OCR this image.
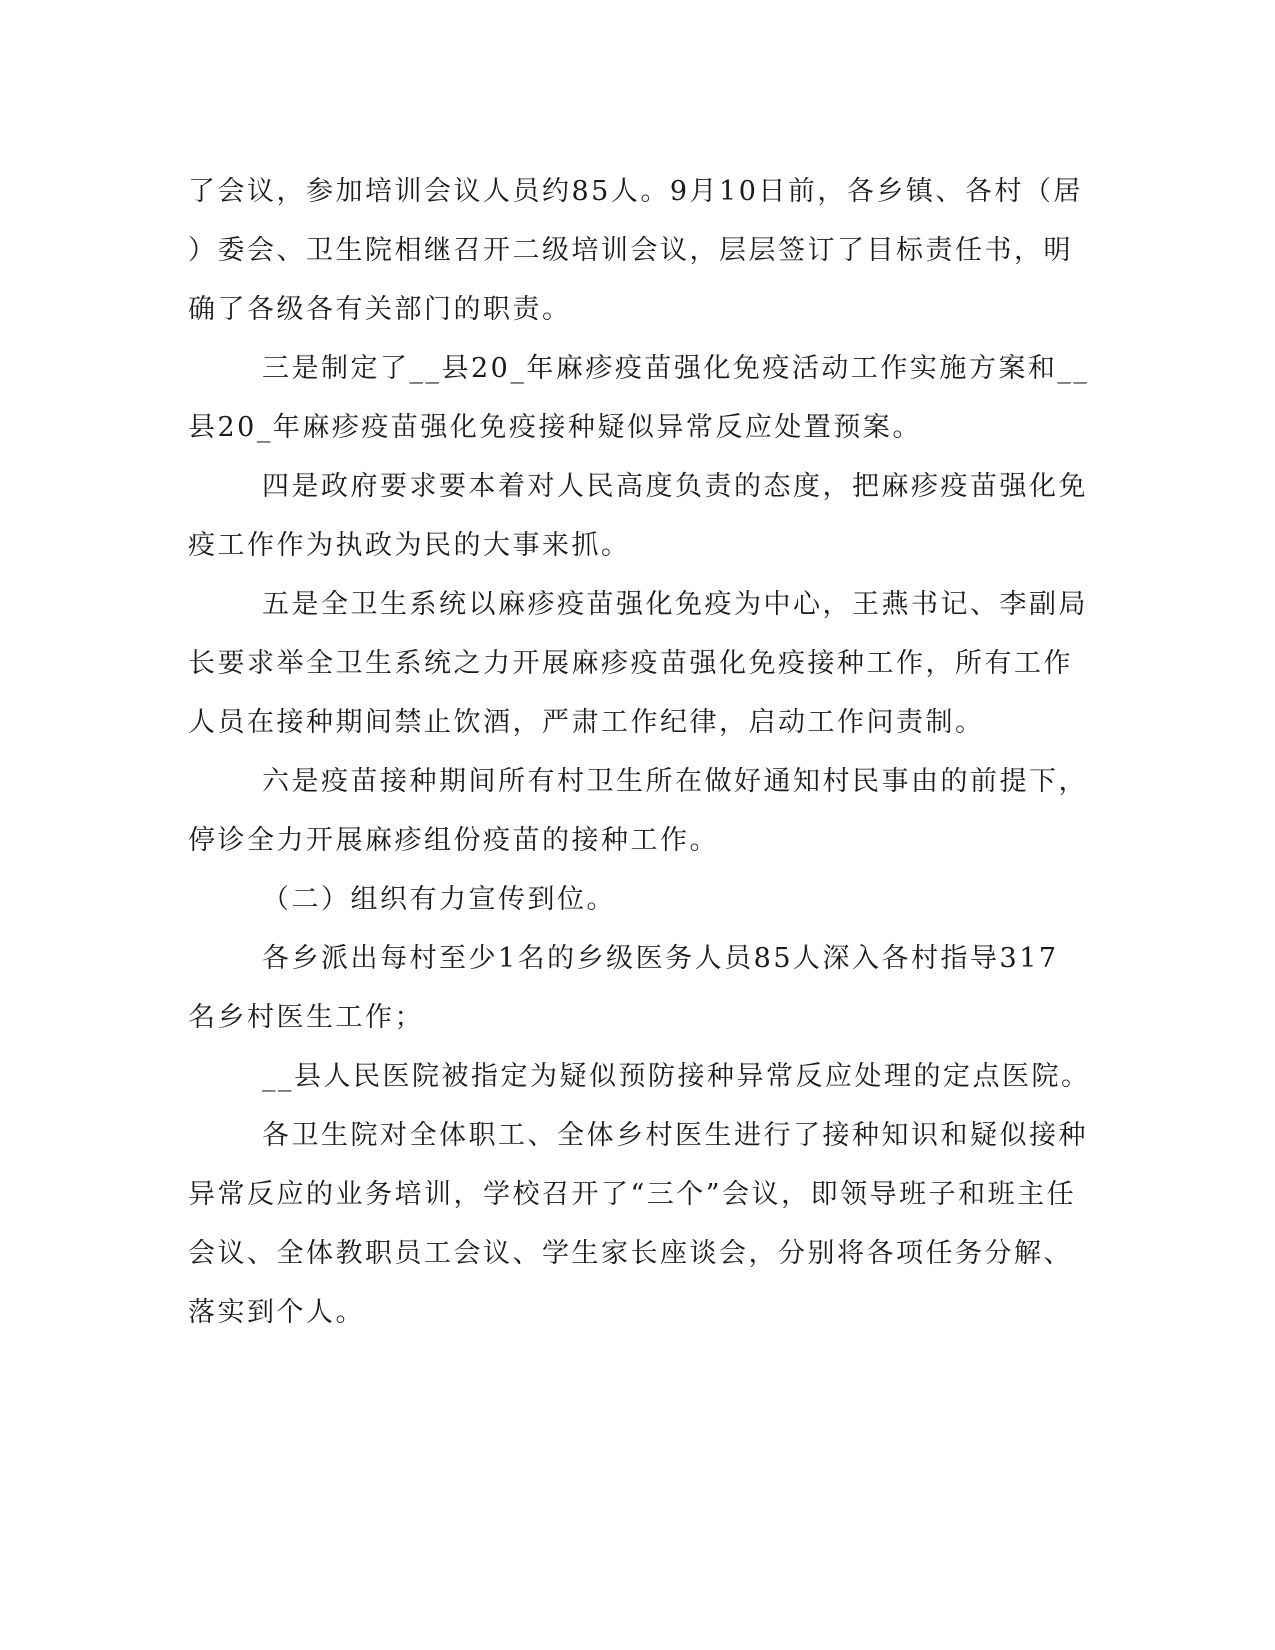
了会议，参加培训会议人员约85人。9月10日前，各乡镇、各村（居
）委会、卫生院相继召开二级培训会议，层层签订了目标责任书，明
确了各级各有关部门的职责。
三是制定了__县20_年麻疹疫苗强化免疫活动工作实施方案和__
县20_年麻疹疫苗强化免疫接种疑似异常反应处置预案。
四是政府要求要本着对人民高度负责的态度，把麻疹疫苗强化免
疫工作作为执政为民的大事来抓。
五是全卫生系统以麻疹疫苗强化免疫为中心，王燕书记、李副局
长要求举全卫生系统之力开展麻疹疫苗强化免疫接种工作，所有工作
人员在接种期间禁止饮酒，严肃工作纪律，启动工作问责制。
六是疫苗接种期间所有村卫生所在做好通知村民事由的前提下，
停诊全力开展麻疹组份疫苗的接种工作。
（二）组织有力宣传到位。
各乡派出每村至少1名的乡级医务人员85人深入各村指导317
名乡村医生工作；
__县人民医院被指定为疑似预防接种异常反应处理的定点医院。
各卫生院对全体职工、全体乡村医生进行了接种知识和疑似接种
异常反应的业务培训，学校召开了“三个”会议，即领导班子和班主任
会议、全体教职员工会议、学生家长座谈会，分别将各项任务分解、
落实到个人。
